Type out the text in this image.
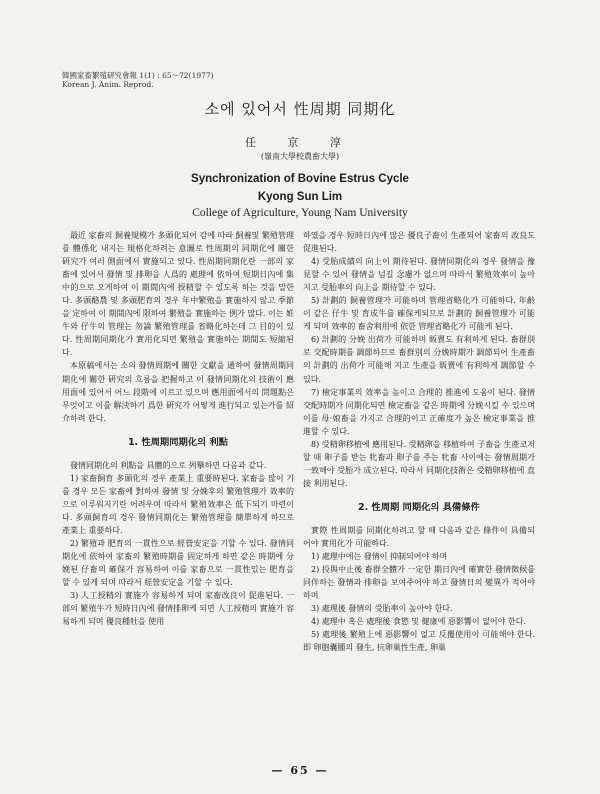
韓國家畜繁殖研究會報 1(1) : 65～72(1977)
Korean J. Anim. Reprod.
소에 있어서 性周期 同期化
任 京 淳
(嶺南大學校農畜大學)
Synchronization of Bovine Estrus Cycle
Kyong Sun Lim
College of Agriculture, Young Nam University

最近 家畜의 飼養規模가 多頭化되어 감에 따라 飼養및 繁殖管理를 體係化 내지는 規格化하려는 意圖로 性周期의 同期化에 關한 硏究가 여러 側面에서 實施되고 있다. 性周期同期化란 一部의 家畜에 있어서 發情 및 排卵을 人爲的 處理에 依하여 短期日內에 集中的으로 오게하여 이 期間內에 授精할 수 있도록 하는 것을 말한다. 多頭酪農 및 多頭肥育의 경우 年中繁殖을 實施하지 않고 季節을 定하여 이 期間內에 限하여 繁殖을 實施하는 例가 많다. 이는 姙牛와 仔牛의 管理는 勿論 繁殖管理를 省略化하는데 그 目的이 있다. 性周期同期化가 實用化되면 繁殖을 實施하는 期間도 短縮된다.

本原稿에서는 소의 發情周期에 關한 文獻을 通하여 發情周期同期化에 關한 硏究의 흐름을 把握하고 이 發情同期化의 技術이 應用面에 있어서 어느 段階에 이르고 있으며 應用面에서의 問題點은 무엇이고 이를 解決하기 爲한 硏究가 어떻게 進行되고 있는가를 紹介하려 한다.

1. 性周期同期化의 利點

發情同期化의 利點을 具體的으로 列擧하면 다음과 같다.

1) 家畜飼育 多頭化의 경우 產業上 重要時된다. 家畜을 많이 기를 경우 모든 家畜에 對하여 發情 및 分娩후의 繁殖管理가 效率的으로 이루워지기란 어려우며 따라서 繁殖效率은 低下되기 마련이다. 多頭飼育의 경우 發情同期化는 繁殖管理를 簡單하게 하므로 產業上 重要하다.

2) 繁殖과 肥育의 一貫性으로 經營安定을 기할 수 있다. 發情同期化에 依하여 家畜의 繁殖時期를 固定하게 하면 같은 時期에 分娩된 仔畜의 確保가 容易하여 이를 家畜으로 一貫性있는 肥育을 할 수 있게 되며 따라서 經營安定을 기할 수 있다.

3) 人工授精의 實施가 容易하게 되며 家畜改良이 促進된다. 一部의 繁殖牛가 短時日內에 發情排卵케 되면 人工授精의 實施가 容易하게 되며 優良種牡을 使用

하였을 경우 短時日內에 많은 優良子畜이 生產되어 家畜의 改良도 促進된다.

4) 受胎成績의 向上이 期待된다. 發情同期化의 경우 發情을 豫見할 수 있어 發情을 넘길 念慮가 없으며 따라서 繁殖效率이 높아지고 受胎率의 向上을 期待할 수 있다.

5) 計劃的 飼養管理가 可能하며 管理省略化가 可能하다. 年齡이 같은 仔牛 및 育成牛를 確保케되므로 計劃的 飼養管理가 可能케 되며 效率的 畜舍利用에 依한 管理省略化가 可能케 된다.

6) 計劃的 分娩 出荷가 可能하며 販賣도 有利하게 된다. 畜群別로 交配時期를 調節하므로 畜群別의 分娩時期가 調節되어 生產畜의 計劃的 出荷가 可能해 지고 生產을 販賣에 有利하게 調節할 수 있다.

7) 檢定事業의 效率을 높이고 合理的 推進에 도움이 된다. 發情交配時期가 同期化되면 檢定畜을 같은 時期에 分娩시킬 수 있으며 이를 母·娘畜을 가지고 合理的이고 正確度가 높은 檢定事業을 推進할 수 있다.

8) 受精卵移植에 應用된다. 受精卵을 移植하여 子畜을 生產코저 할 때 卵子를 받는 牝畜과 卵子를 주는 牝畜 사이에는 發情周期가 一致해야 受胎가 成立된다. 따라서 同期化技術은 受精卵移植에 直接 利用된다.

2. 性周期 同期化의 具備條件

實際 性周期를 同期化하려고 할 때 다음과 같은 條件이 具備되어야 實用化가 可能하다.

1) 處理中에는 發情이 抑制되어야 하며

2) 投與中止後 畜群全體가 一定한 期日內에 確實한 發情徵候를 同伴하는 發情과 排卵을 보여주어야 하고 發情日의 變異가 적어야 하며

3) 處理後 發情의 受胎率이 높아야 한다.

4) 處理中 혹은 處理後 食慾 및 健康에 惡影響이 없어야 한다.

5) 處理後 繁殖上에 惡影響이 없고 反覆使用이 可能해야 한다. 即 卵胞囊腫의 發生, 抗卵巢性生產, 卵巢

— 65 —
